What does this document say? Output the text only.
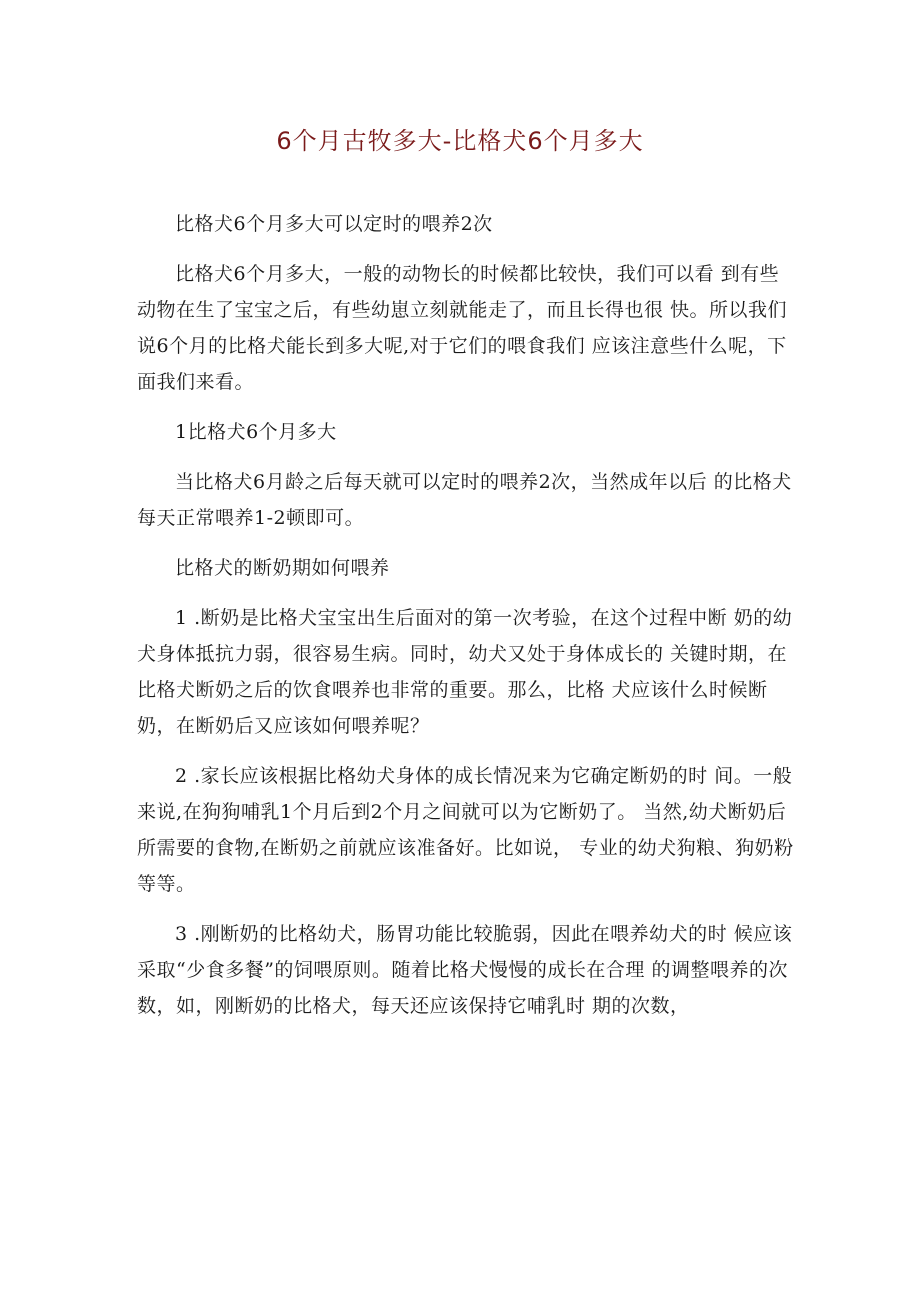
6个月古牧多大-比格犬6个月多大

比格犬6个月多大可以定时的喂养2次

比格犬6个月多大，一般的动物长的时候都比较快，我们可以看 到有些动物在生了宝宝之后，有些幼崽立刻就能走了，而且长得也很 快。所以我们说6个月的比格犬能长到多大呢,对于它们的喂食我们 应该注意些什么呢，下面我们来看。

1比格犬6个月多大

当比格犬6月龄之后每天就可以定时的喂养2次，当然成年以后 的比格犬每天正常喂养1-2顿即可。

比格犬的断奶期如何喂养

1 .断奶是比格犬宝宝出生后面对的第一次考验，在这个过程中断 奶的幼犬身体抵抗力弱，很容易生病。同时，幼犬又处于身体成长的 关键时期，在比格犬断奶之后的饮食喂养也非常的重要。那么，比格 犬应该什么时候断奶，在断奶后又应该如何喂养呢？

2 .家长应该根据比格幼犬身体的成长情况来为它确定断奶的时 间。一般来说,在狗狗哺乳1个月后到2个月之间就可以为它断奶了。 当然,幼犬断奶后所需要的食物,在断奶之前就应该准备好。比如说， 专业的幼犬狗粮、狗奶粉等等。

3 .刚断奶的比格幼犬，肠胃功能比较脆弱，因此在喂养幼犬的时 候应该采取“少食多餐”的饲喂原则。随着比格犬慢慢的成长在合理 的调整喂养的次数，如，刚断奶的比格犬，每天还应该保持它哺乳时 期的次数，
